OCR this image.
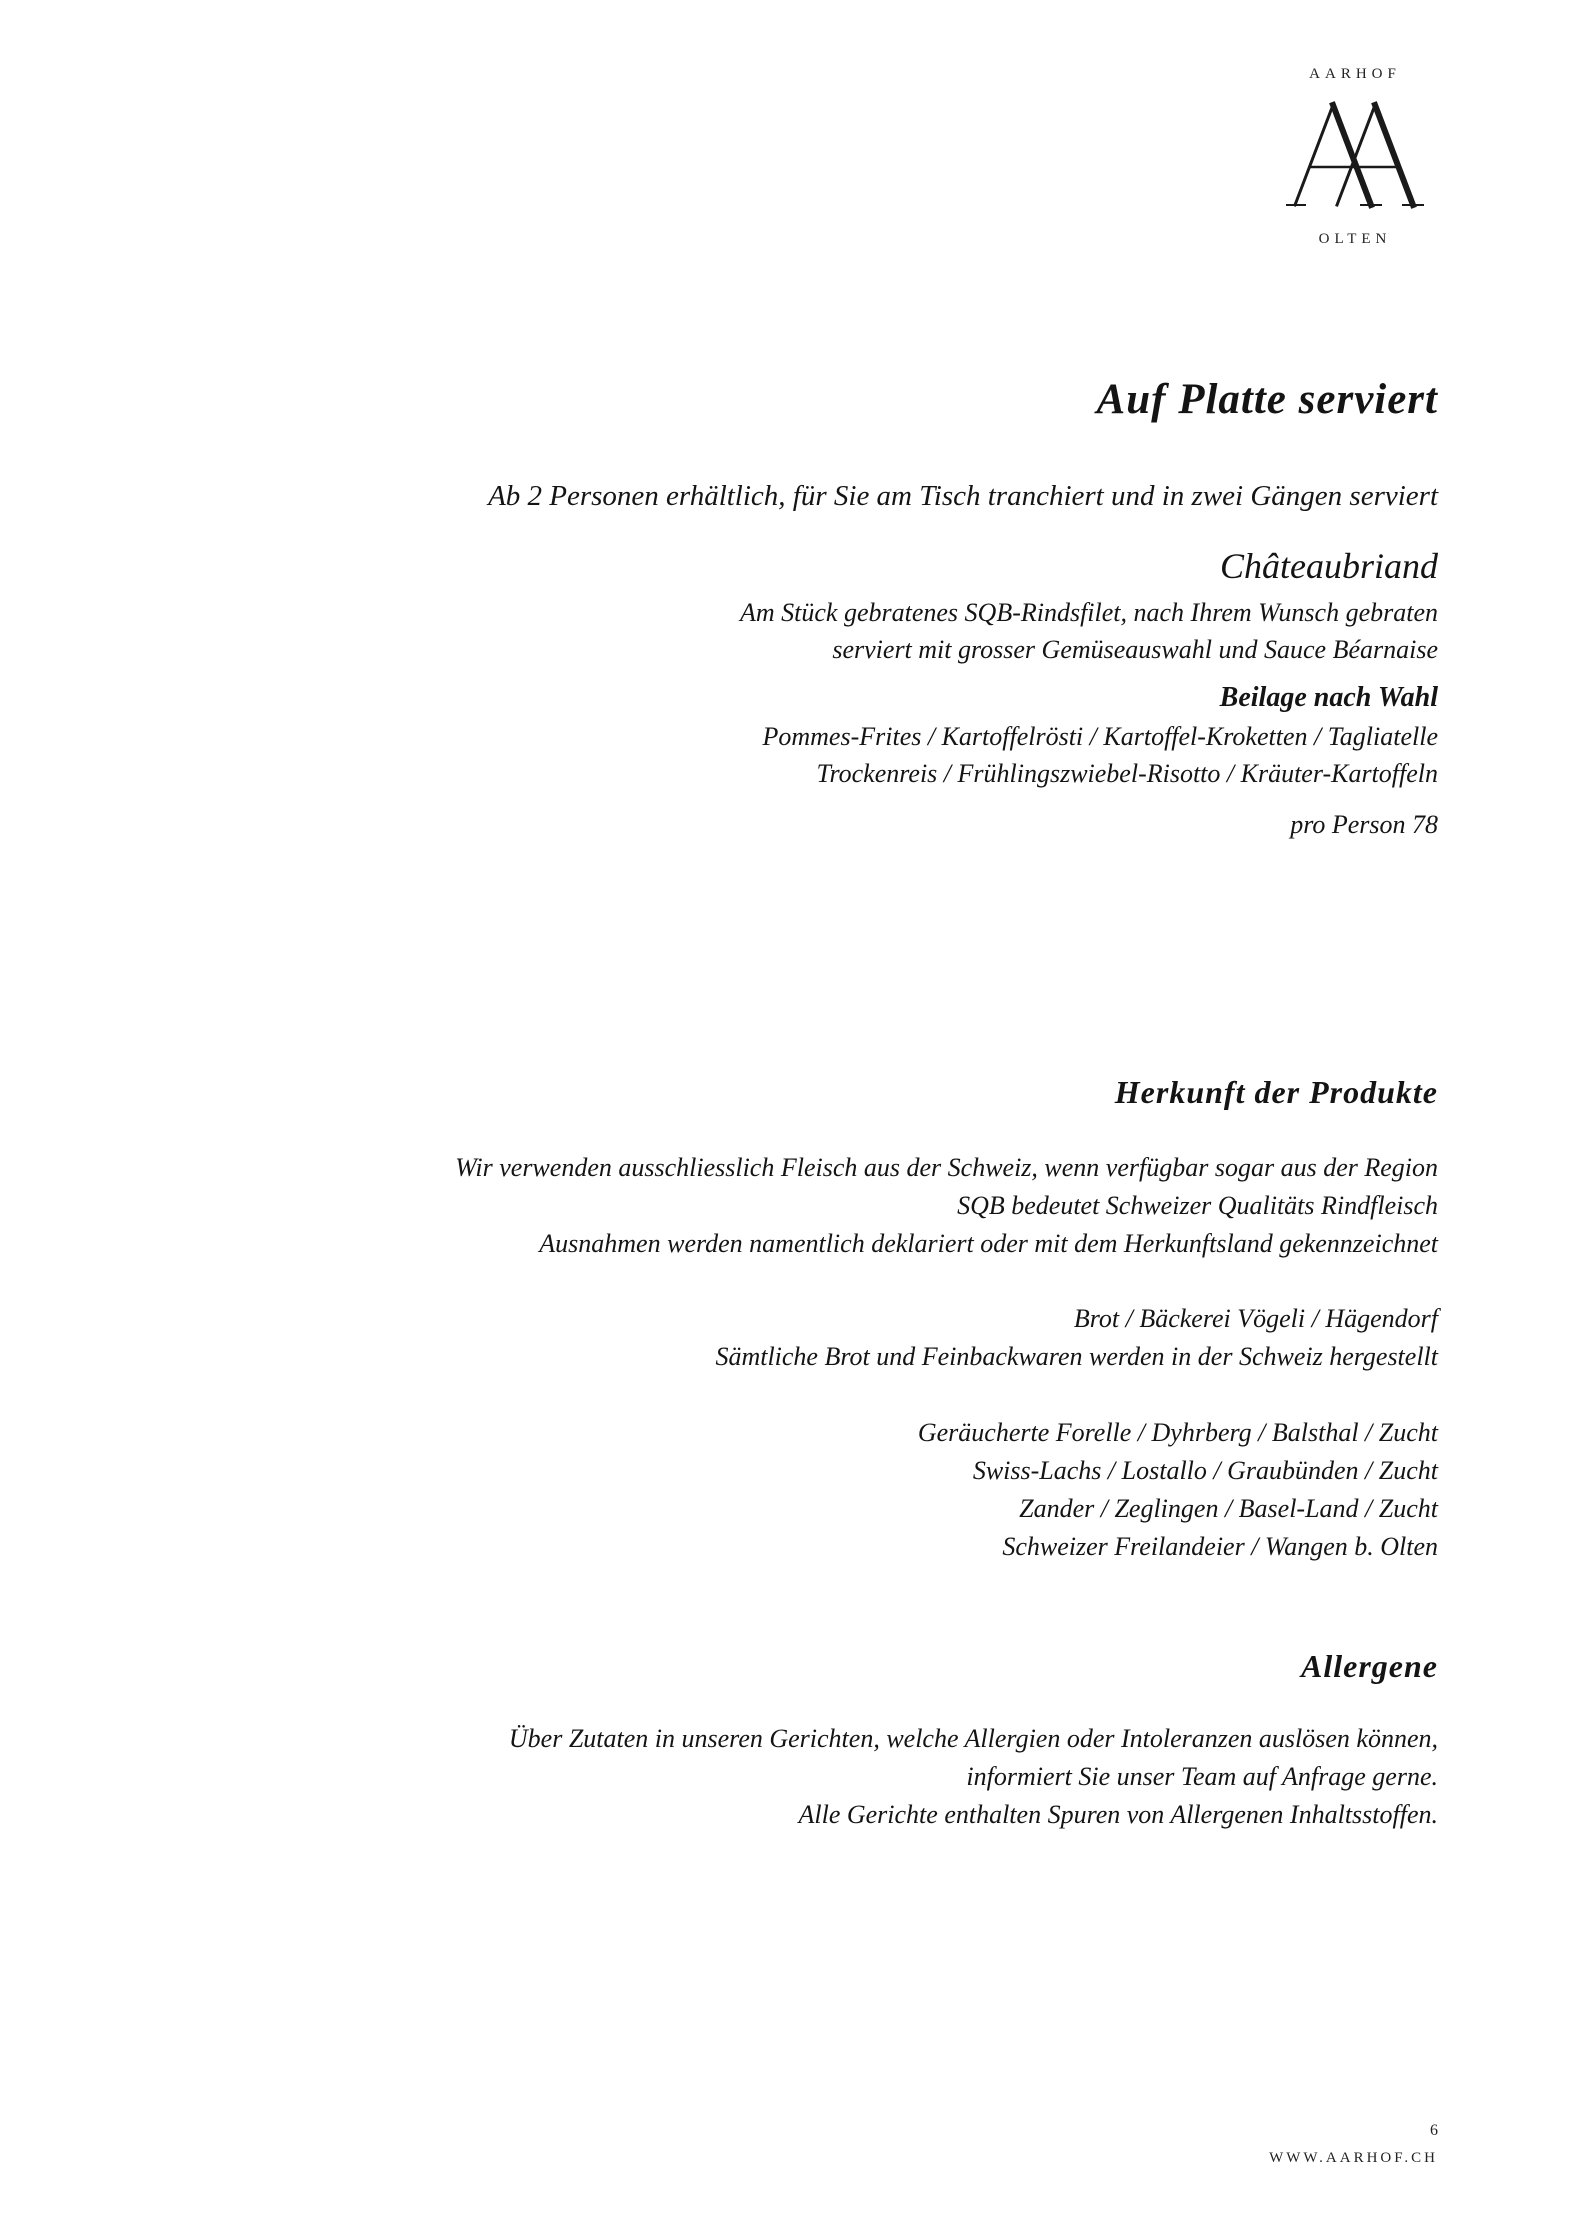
AARHOF
OLTEN
Auf Platte serviert
Ab 2 Personen erhältlich, für Sie am Tisch tranchiert und in zwei Gängen serviert
Châteaubriand
Am Stück gebratenes SQB-Rindsfilet, nach Ihrem Wunsch gebraten
serviert mit grosser Gemüseauswahl und Sauce Béarnaise
Beilage nach Wahl
Pommes-Frites / Kartoffelrösti / Kartoffel-Kroketten / Tagliatelle
Trockenreis / Frühlingszwiebel-Risotto / Kräuter-Kartoffeln
pro Person 78
Herkunft der Produkte
Wir verwenden ausschliesslich Fleisch aus der Schweiz, wenn verfügbar sogar aus der Region
SQB bedeutet Schweizer Qualitäts Rindfleisch
Ausnahmen werden namentlich deklariert oder mit dem Herkunftsland gekennzeichnet
Brot / Bäckerei Vögeli / Hägendorf
Sämtliche Brot und Feinbackwaren werden in der Schweiz hergestellt
Geräucherte Forelle / Dyhrberg / Balsthal / Zucht
Swiss-Lachs / Lostallo / Graubünden / Zucht
Zander / Zeglingen / Basel-Land / Zucht
Schweizer Freilandeier / Wangen b. Olten
Allergene
Über Zutaten in unseren Gerichten, welche Allergien oder Intoleranzen auslösen können,
informiert Sie unser Team auf Anfrage gerne.
Alle Gerichte enthalten Spuren von Allergenen Inhaltsstoffen.
6
WWW.AARHOF.CH
